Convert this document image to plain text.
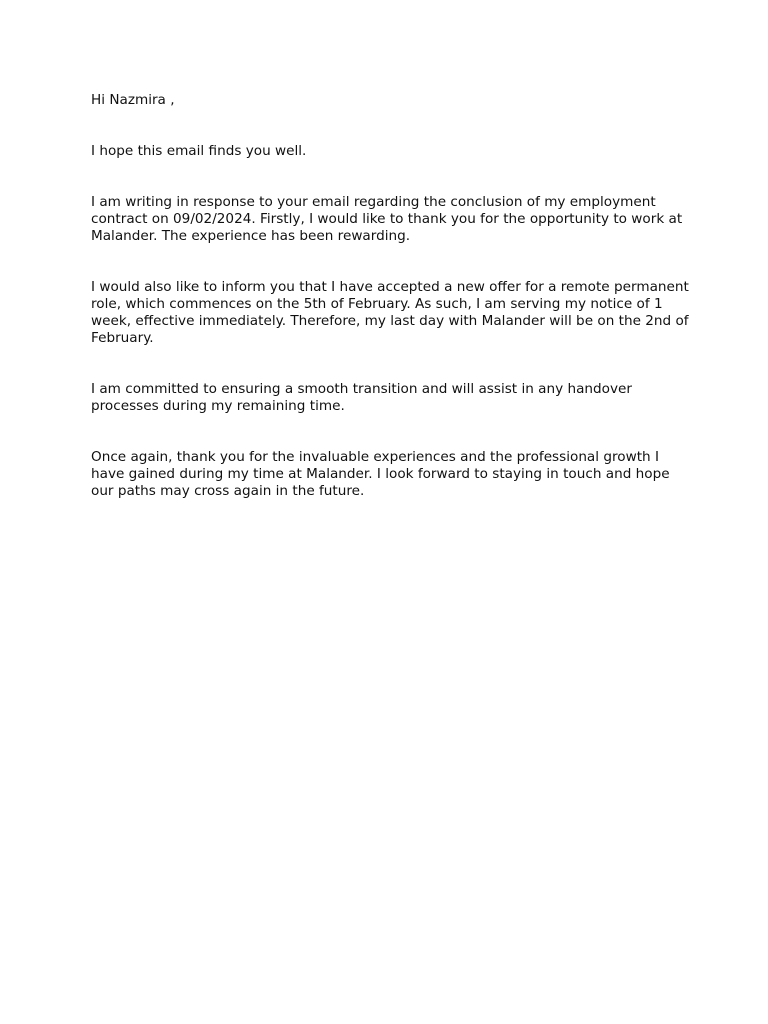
Hi Nazmira ,

I hope this email finds you well.

I am writing in response to your email regarding the conclusion of my employment contract on 09/02/2024. Firstly, I would like to thank you for the opportunity to work at Malander. The experience has been rewarding.

I would also like to inform you that I have accepted a new offer for a remote permanent role, which commences on the 5th of February. As such, I am serving my notice of 1 week, effective immediately. Therefore, my last day with Malander will be on the 2nd of February.

I am committed to ensuring a smooth transition and will assist in any handover processes during my remaining time.

Once again, thank you for the invaluable experiences and the professional growth I have gained during my time at Malander. I look forward to staying in touch and hope our paths may cross again in the future.
